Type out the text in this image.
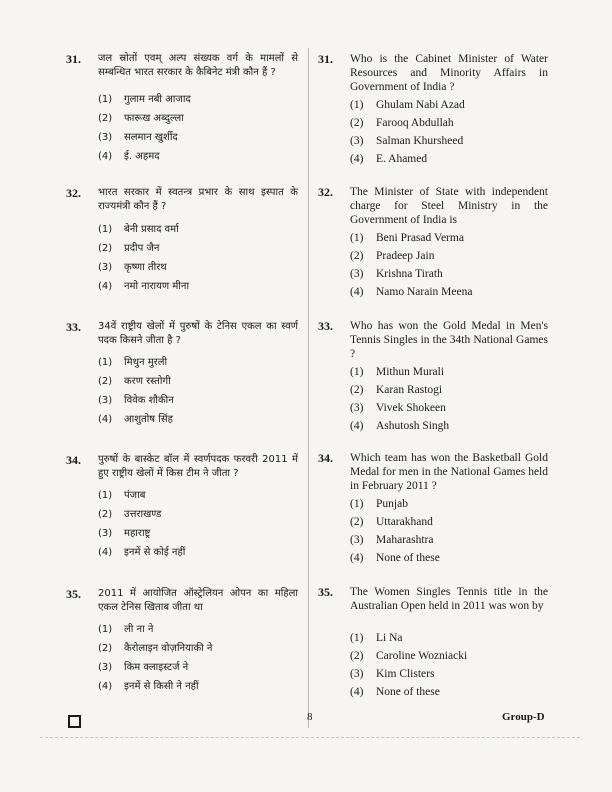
31.	जल स्रोतों एवम् अल्प संख्यक वर्ग के मामलों से सम्बन्धित भारत सरकार के कैबिनेट मंत्री कौन हैं ?
(1) गुलाम नबी आजाद
(2) फारूख अब्दुल्ला
(3) सलमान खुर्शीद
(4) ई. अहमद
32.	भारत सरकार में स्वतन्त्र प्रभार के साथ इस्पात के राज्यमंत्री कौन हैं ?
(1) बेनी प्रसाद वर्मा
(2) प्रदीप जैन
(3) कृष्णा तीरथ
(4) नमो नारायण मीना
33.	34वें राष्ट्रीय खेलों में पुरुषों के टेनिस एकल का स्वर्ण पदक किसने जीता है ?
(1) मिथुन मुरली
(2) करण रस्तोगी
(3) विवेक शौकीन
(4) आशुतोष सिंह
34.	पुरुषों के बास्केट बॉल में स्वर्णपदक फरवरी 2011 में हुए राष्ट्रीय खेलों में किस टीम ने जीता ?
(1) पंजाब
(2) उत्तराखण्ड
(3) महाराष्ट्र
(4) इनमें से कोई नहीं
35.	2011 में आयोजित ऑस्ट्रेलियन ओपन का महिला एकल टेनिस खिताब जीता था
(1) ली ना ने
(2) कैरोलाइन वोज़नियाकी ने
(3) किम क्लाइस्टर्ज ने
(4) इनमें से किसी ने नहीं
31.	Who is the Cabinet Minister of Water Resources and Minority Affairs in Government of India ?
(1) Ghulam Nabi Azad
(2) Farooq Abdullah
(3) Salman Khursheed
(4) E. Ahamed
32.	The Minister of State with independent charge for Steel Ministry in the Government of India is
(1) Beni Prasad Verma
(2) Pradeep Jain
(3) Krishna Tirath
(4) Namo Narain Meena
33.	Who has won the Gold Medal in Men's Tennis Singles in the 34th National Games ?
(1) Mithun Murali
(2) Karan Rastogi
(3) Vivek Shokeen
(4) Ashutosh Singh
34.	Which team has won the Basketball Gold Medal for men in the National Games held in February 2011 ?
(1) Punjab
(2) Uttarakhand
(3) Maharashtra
(4) None of these
35.	The Women Singles Tennis title in the Australian Open held in 2011 was won by
(1) Li Na
(2) Caroline Wozniacki
(3) Kim Clisters
(4) None of these
8	Group-D
